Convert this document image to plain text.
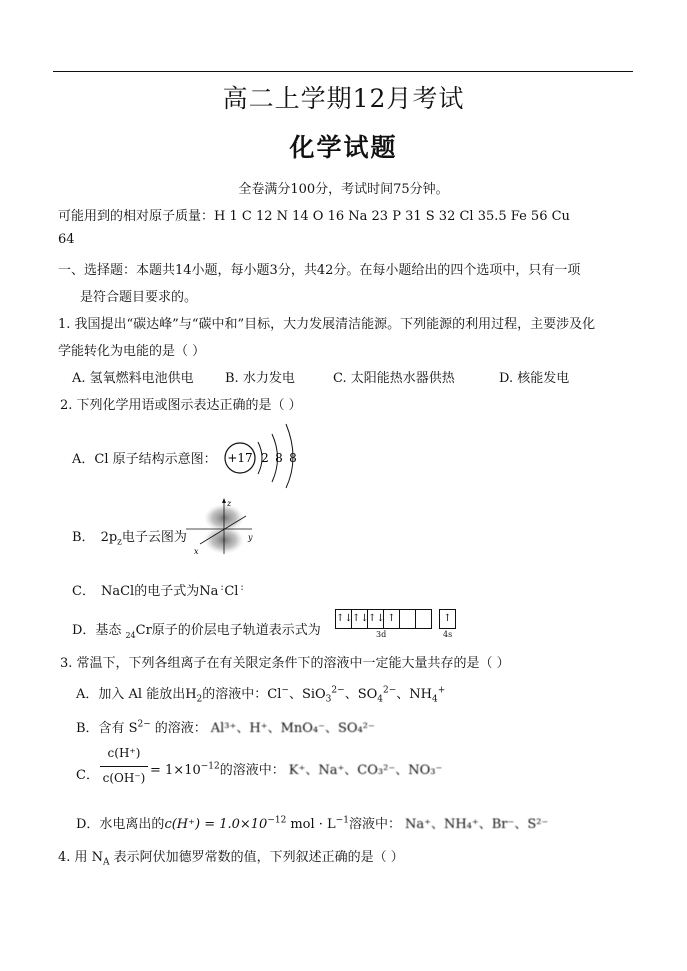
高二上学期12月考试
化学试题
全卷满分100分，考试时间75分钟。
可能用到的相对原子质量：H 1 C 12 N 14 O 16 Na 23 P 31 S 32 Cl 35.5 Fe 56 Cu
64
一、选择题：本题共14小题，每小题3分，共42分。在每小题给出的四个选项中，只有一项
是符合题目要求的。
1. 我国提出“碳达峰”与“碳中和”目标，大力发展清洁能源。下列能源的利用过程，主要涉及化
学能转化为电能的是（ ）
A. 氢氧燃料电池供电 B. 水力发电	C. 太阳能热水器供热	D. 核能发电
2. 下列化学用语或图示表达正确的是（ ）
A．Cl 原子结构示意图： +17 2 8 8
B． $2p_z$电子云图为
z
y
x
C． NaCl的电子式为Na : Cl :
D．基态 $_{24}$Cr原子的价层电子轨道表示式为
↑↓ ↑↓ ↑↓ ↑
3d
↑
4s
3. 常温下，下列各组离子在有关限定条件下的溶液中一定能大量共存的是（ ）
A．加入 Al 能放出$H_2$的溶液中：Cl−、SiO$_3^{2-}$、$SO_4^{2-}$、$NH_4^+$
B．含有 $S^{2-}$ 的溶液： Al³⁺、H⁺、MnO₄⁻、SO₄²⁻
C．
c(H⁺)
$c(OH^-) = 1\times 10^{-12}$的溶液中： K⁺、Na⁺、CO₃²⁻、NO₃⁻
D．水电离出的$c(H^+) = 1.0\times 10^{-12}$ mol · $L^{-1}$溶液中： Na⁺、NH₄⁺、Br⁻、S²⁻
4. 用 $N_A$ 表示阿伏加德罗常数的值，下列叙述正确的是（ ）
